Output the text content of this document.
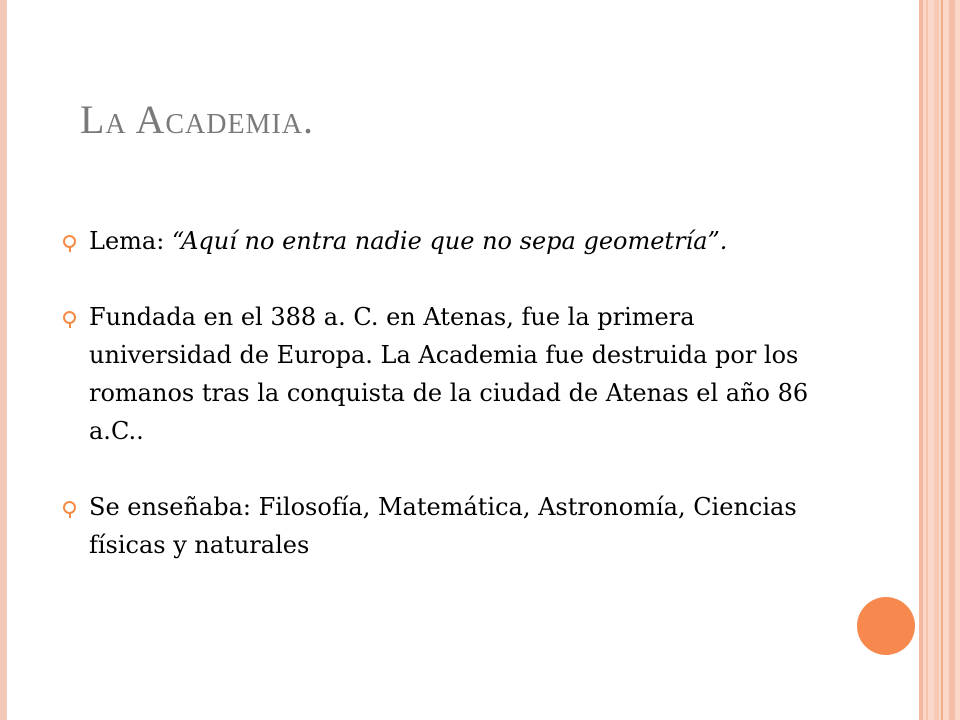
La Academia.
Lema: “Aquí no entra nadie que no sepa geometría”.
Fundada en el 388 a. C. en Atenas, fue la primera universidad de Europa. La Academia fue destruida por los romanos tras la conquista de la ciudad de Atenas el año 86 a.C..
Se enseñaba: Filosofía, Matemática, Astronomía, Ciencias físicas y naturales
